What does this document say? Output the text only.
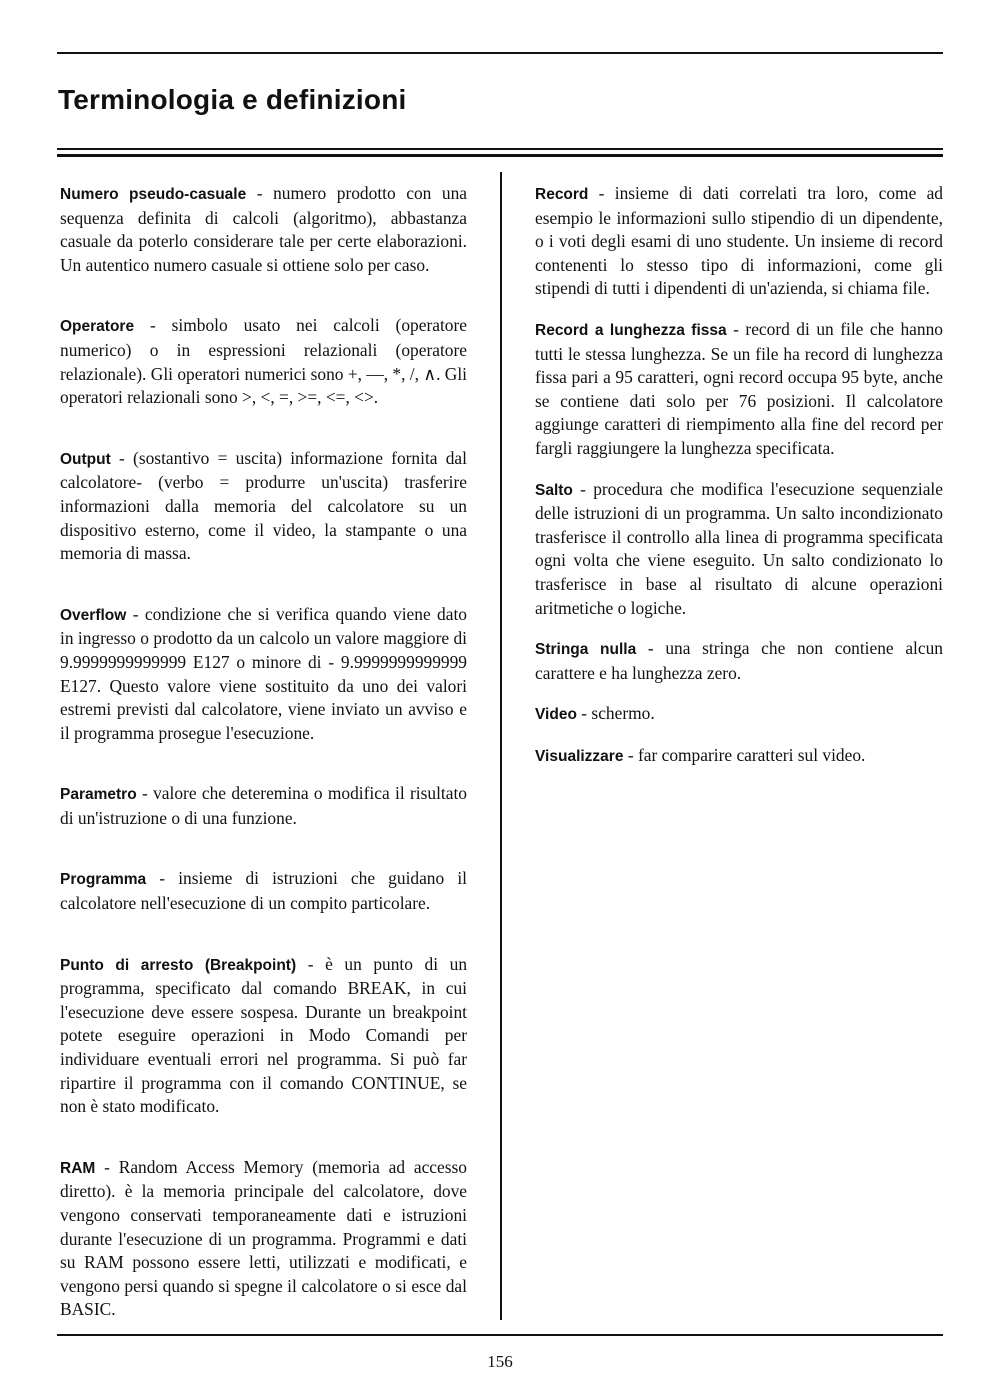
Terminologia e definizioni

Numero pseudo-casuale - numero prodotto con una sequenza definita di calcoli (algoritmo), abbastanza casuale da poterlo considerare tale per certe elaborazioni. Un autentico numero casuale si ottiene solo per caso.

Operatore - simbolo usato nei calcoli (operatore numerico) o in espressioni relazionali (operatore relazionale). Gli operatori numerici sono +, —, *, /, ∧. Gli operatori relazionali sono >, <, =, >=, <=, <>.

Output - (sostantivo = uscita) informazione fornita dal calcolatore- (verbo = produrre un'uscita) trasferire informazioni dalla memoria del calcolatore su un dispositivo esterno, come il video, la stampante o una memoria di massa.

Overflow - condizione che si verifica quando viene dato in ingresso o prodotto da un calcolo un valore maggiore di 9.9999999999999 E127 o minore di - 9.9999999999999 E127. Questo valore viene sostituito da uno dei valori estremi previsti dal calcolatore, viene inviato un avviso e il programma prosegue l'esecuzione.

Parametro - valore che deteremina o modifica il risultato di un'istruzione o di una funzione.

Programma - insieme di istruzioni che guidano il calcolatore nell'esecuzione di un compito particolare.

Punto di arresto (Breakpoint) - è un punto di un programma, specificato dal comando BREAK, in cui l'esecuzione deve essere sospesa. Durante un breakpoint potete eseguire operazioni in Modo Comandi per individuare eventuali errori nel programma. Si può far ripartire il programma con il comando CONTINUE, se non è stato modificato.

RAM - Random Access Memory (memoria ad accesso diretto). è la memoria principale del calcolatore, dove vengono conservati temporaneamente dati e istruzioni durante l'esecuzione di un programma. Programmi e dati su RAM possono essere letti, utilizzati e modificati, e vengono persi quando si spegne il calcolatore o si esce dal BASIC.

Record - insieme di dati correlati tra loro, come ad esempio le informazioni sullo stipendio di un dipendente, o i voti degli esami di uno studente. Un insieme di record contenenti lo stesso tipo di informazioni, come gli stipendi di tutti i dipendenti di un'azienda, si chiama file.

Record a lunghezza fissa - record di un file che hanno tutti le stessa lunghezza. Se un file ha record di lunghezza fissa pari a 95 caratteri, ogni record occupa 95 byte, anche se contiene dati solo per 76 posizioni. Il calcolatore aggiunge caratteri di riempimento alla fine del record per fargli raggiungere la lunghezza specificata.

Salto - procedura che modifica l'esecuzione sequenziale delle istruzioni di un programma. Un salto incondizionato trasferisce il controllo alla linea di programma specificata ogni volta che viene eseguito. Un salto condizionato lo trasferisce in base al risultato di alcune operazioni aritmetiche o logiche.

Stringa nulla - una stringa che non contiene alcun carattere e ha lunghezza zero.

Video - schermo.

Visualizzare - far comparire caratteri sul video.

156
